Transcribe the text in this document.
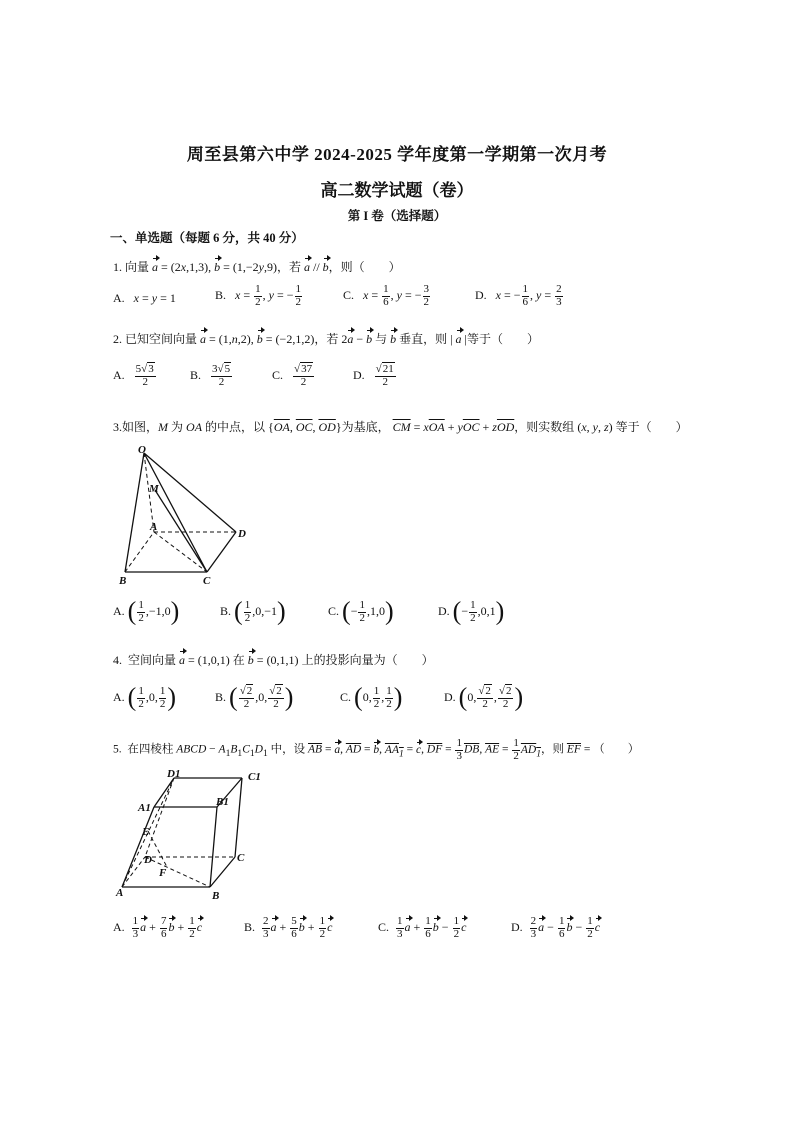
周至县第六中学 2024-2025 学年度第一学期第一次月考
高二数学试题（卷）
第 I 卷（选择题）
一、单选题（每题 6 分，共 40 分）
1. 向量 a = (2x,1,3), b = (1,−2y,9)，若 a // b，则（　　）
A. x = y = 1	B. $x = \frac{1}{2}$ , y = − $\frac{1}{2}$	C. $x = \frac{1}{6}$ , y = − $\frac{3}{2}$	D. x = − $\frac{1}{6}$ , $y = \frac{2}{3}$
2. 已知空间向量 a = (1,n,2), b = (−2,1,2)，若 2a − b 与 b 垂直，则 | a |等于（　　）
A. $\frac{5√3}{2}$	B. $\frac{3√5}{2}$	C. $\frac{√37}{2}$	D. $\frac{√21}{2}$
3.如图，M 为 OA 的中点，以 {$\overline{OA}$, $\overline{OC}$, $\overline{OD}$}为基底， $\overline{CM} = x\overline{OA} + y\overline{OC} + z\overline{OD}$，则实数组 (x, y, z) 等于（　　）
O
M
A
B	C
D
A. ( $\frac{1}{2} ,-1,0$)	B. ( $\frac{1}{2} ,0,-1$)	C. (− $\frac{1}{2} ,1,0$)	D. (− $\frac{1}{2} ,0,1$)
4. 空间向量 a = (1,0,1) 在 b = (0,1,1) 上的投影向量为（　　）
A. ( $\frac{1}{2} ,0$, $\frac{1}{2}$ )	B. ( $\frac{√2}{2} ,0$, $\frac{√2}{2}$ )	C. (0, $\frac{1}{2}$ , $\frac{1}{2}$ )	D. (0, $\frac{√2}{2}$ , $\frac{√2}{2}$ )
5. 在四棱柱 ABCD − $A_1B_1C_1D_1$ 中，设 $\overline{AB} = a$, $\overline{AD} = b$, $AA_1 = c$, $\overline{DF} = \frac{1}{3} \overline{DB}$, $\overline{AE} = \frac{1}{2} AD_1$，则 $\overline{EF}$ = （　　）
D1	C1
A1	B1
E
D
F
C
A	B
A. $\frac{1}{3}$ $a + \frac{7}{6}$ $b + \frac{1}{2}$ c	B. $\frac{2}{3}$ $a + \frac{5}{6}$ $b + \frac{1}{2}$ c	C. $\frac{1}{3}$ $a + \frac{1}{6}$ $b - \frac{1}{2}$ c	D. $\frac{2}{3}$ $a - \frac{1}{6}$ $b - \frac{1}{2}$ c
